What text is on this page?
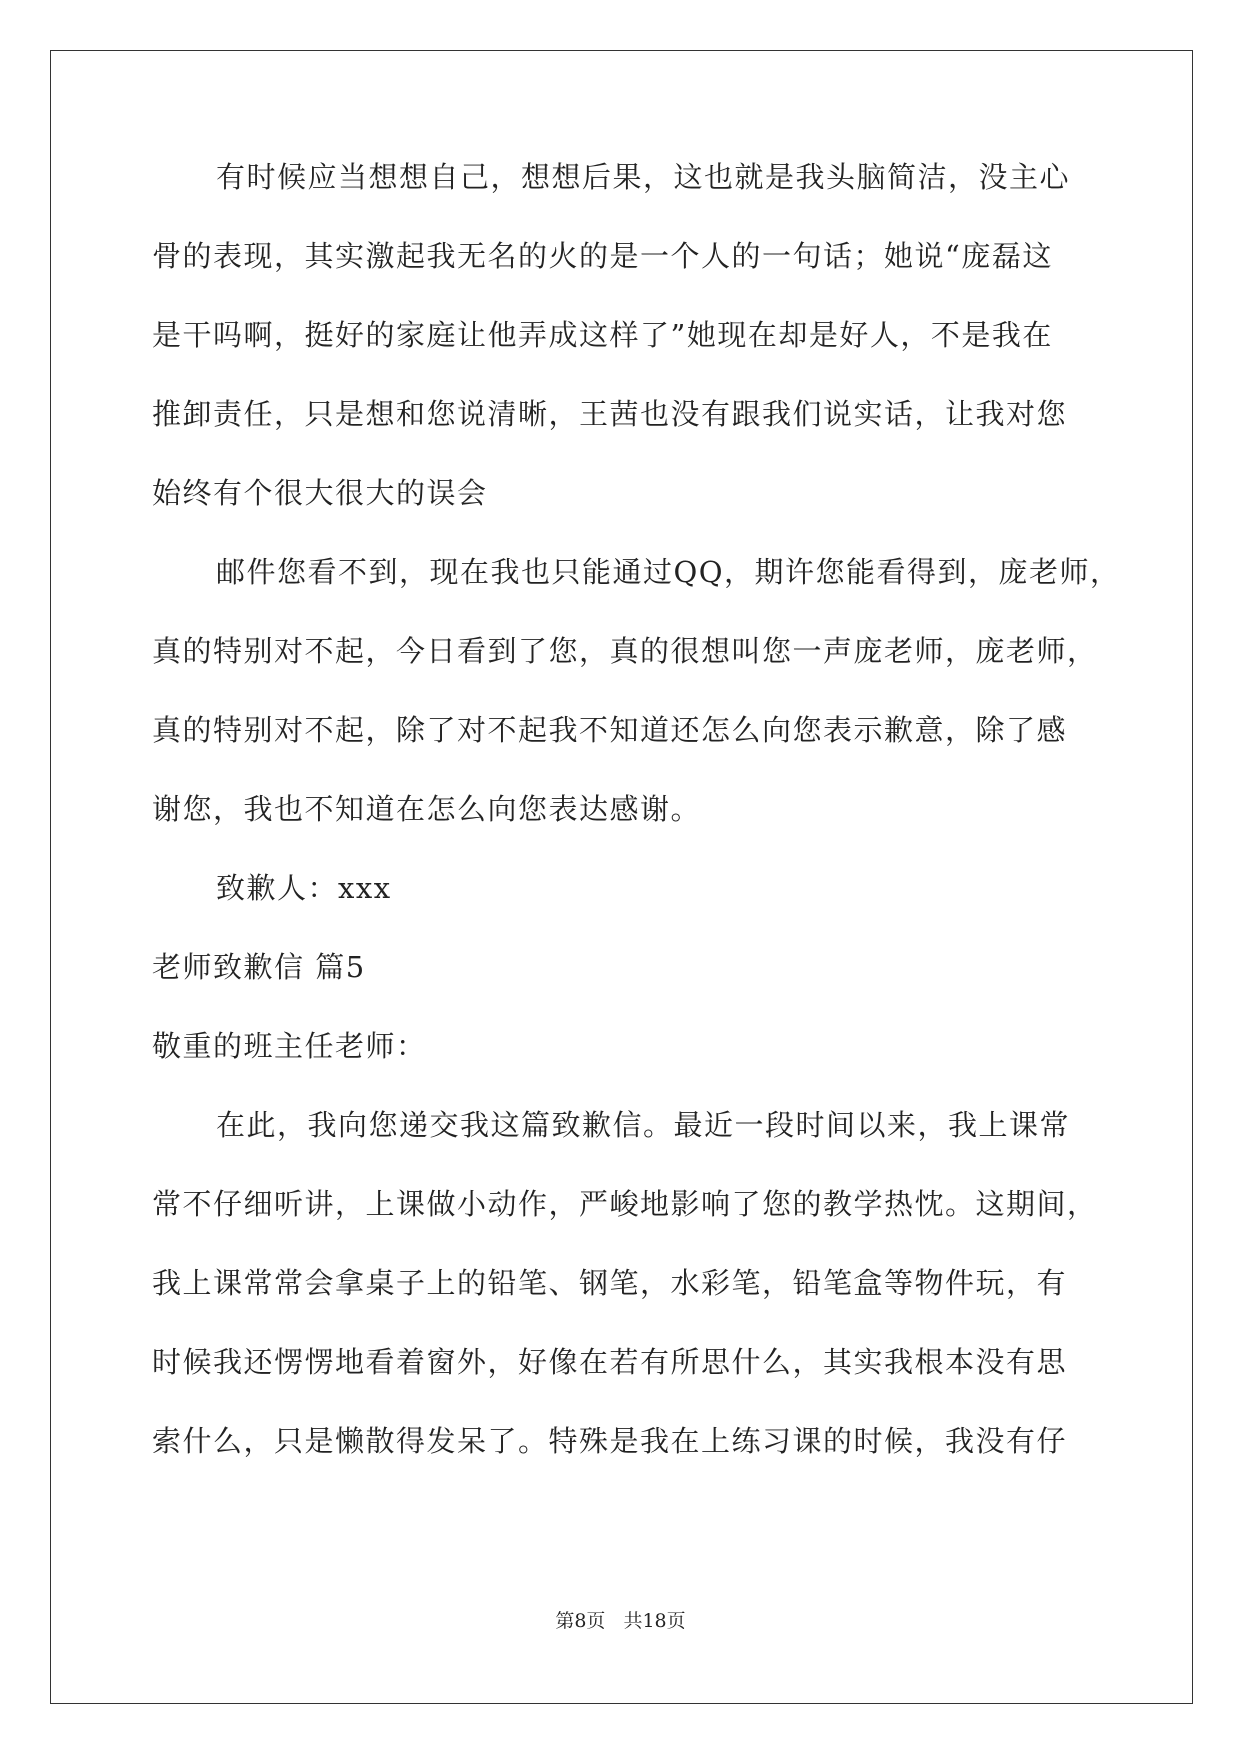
有时候应当想想自己，想想后果，这也就是我头脑简洁，没主心

骨的表现，其实激起我无名的火的是一个人的一句话；她说“庞磊这

是干吗啊，挺好的家庭让他弄成这样了”她现在却是好人，不是我在

推卸责任，只是想和您说清晰，王茜也没有跟我们说实话，让我对您

始终有个很大很大的误会

邮件您看不到，现在我也只能通过QQ，期许您能看得到，庞老师，

真的特别对不起，今日看到了您，真的很想叫您一声庞老师，庞老师，

真的特别对不起，除了对不起我不知道还怎么向您表示歉意，除了感

谢您，我也不知道在怎么向您表达感谢。

致歉人：xxx

老师致歉信 篇5

敬重的班主任老师：

在此，我向您递交我这篇致歉信。最近一段时间以来，我上课常

常不仔细听讲，上课做小动作，严峻地影响了您的教学热忱。这期间，

我上课常常会拿桌子上的铅笔、钢笔，水彩笔，铅笔盒等物件玩，有

时候我还愣愣地看着窗外，好像在若有所思什么，其实我根本没有思

索什么，只是懒散得发呆了。特殊是我在上练习课的时候，我没有仔

第8页 共18页
